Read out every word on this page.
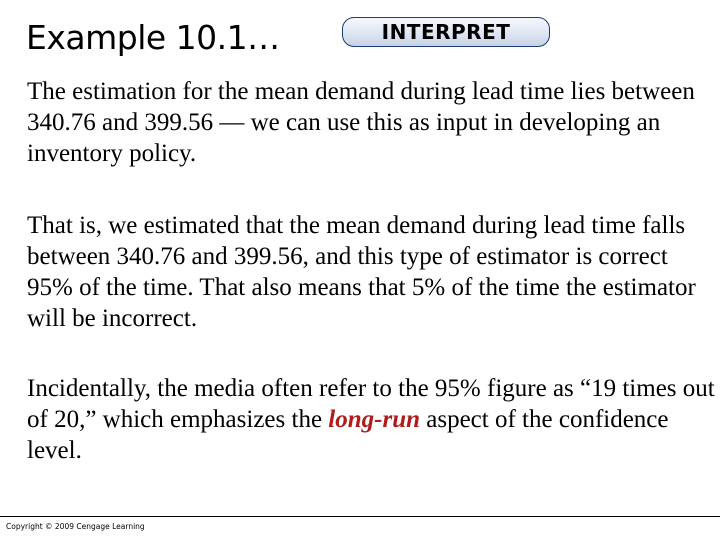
Example 10.1…	INTERPRET

The estimation for the mean demand during lead time lies between 340.76 and 399.56 — we can use this as input in developing an inventory policy.

That is, we estimated that the mean demand during lead time falls between 340.76 and 399.56, and this type of estimator is correct 95% of the time. That also means that 5% of the time the estimator will be incorrect.

Incidentally, the media often refer to the 95% figure as “19 times out of 20,” which emphasizes the long-run aspect of the confidence level.

Copyright © 2009 Cengage Learning
